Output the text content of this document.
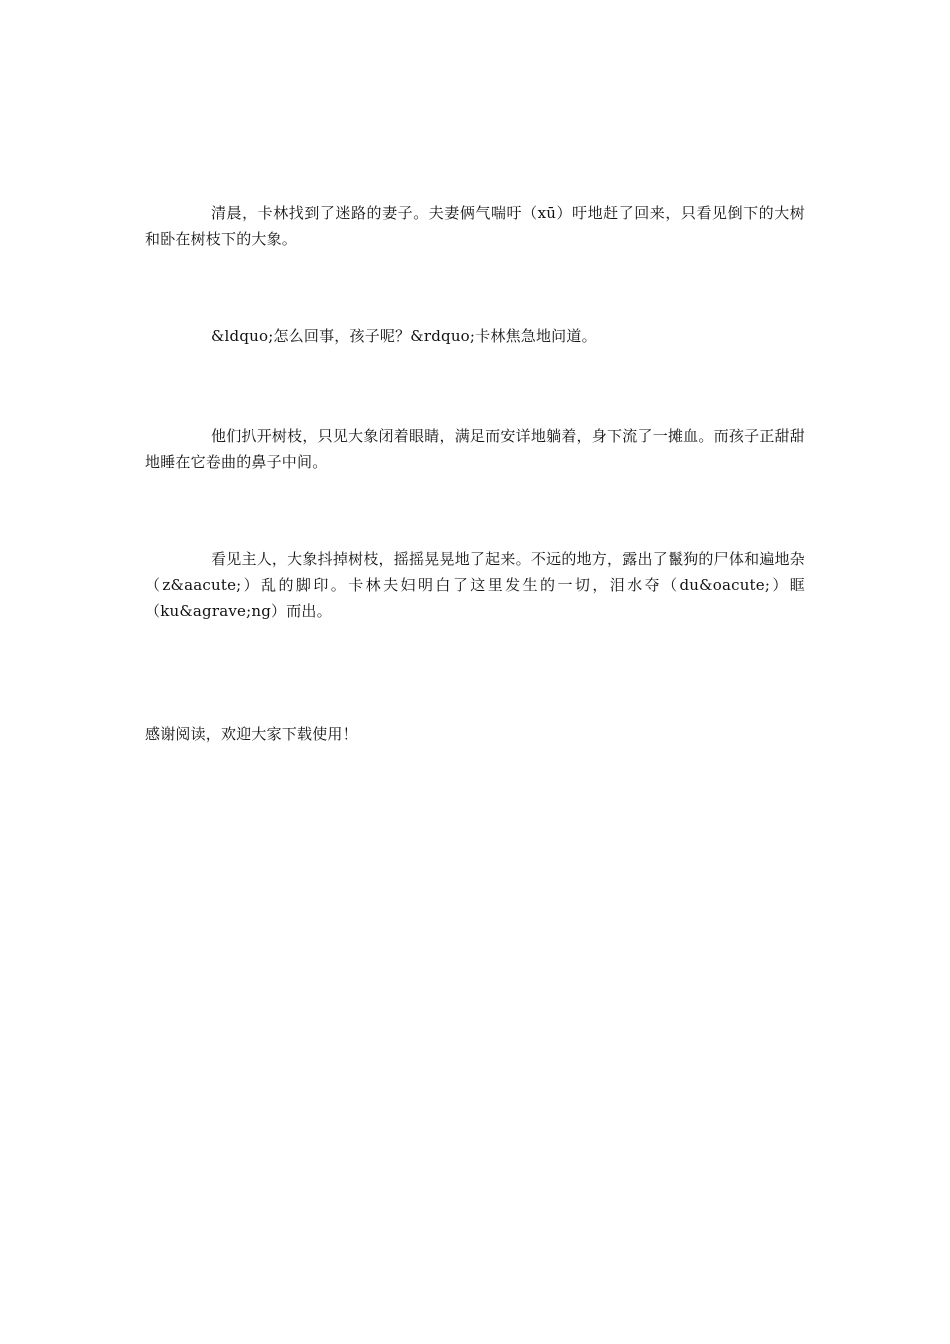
清晨，卡林找到了迷路的妻子。夫妻俩气喘吁（xū）吁地赶了回来，只看见倒下的大树和卧在树枝下的大象。

&ldquo;怎么回事，孩子呢？&rdquo;卡林焦急地问道。

他们扒开树枝，只见大象闭着眼睛，满足而安详地躺着，身下流了一摊血。而孩子正甜甜地睡在它卷曲的鼻子中间。

看见主人，大象抖掉树枝，摇摇晃晃地了起来。不远的地方，露出了鬣狗的尸体和遍地杂（z&aacute;）乱的脚印。卡林夫妇明白了这里发生的一切，泪水夺（du&oacute;）眶（ku&agrave;ng）而出。

感谢阅读，欢迎大家下载使用！
